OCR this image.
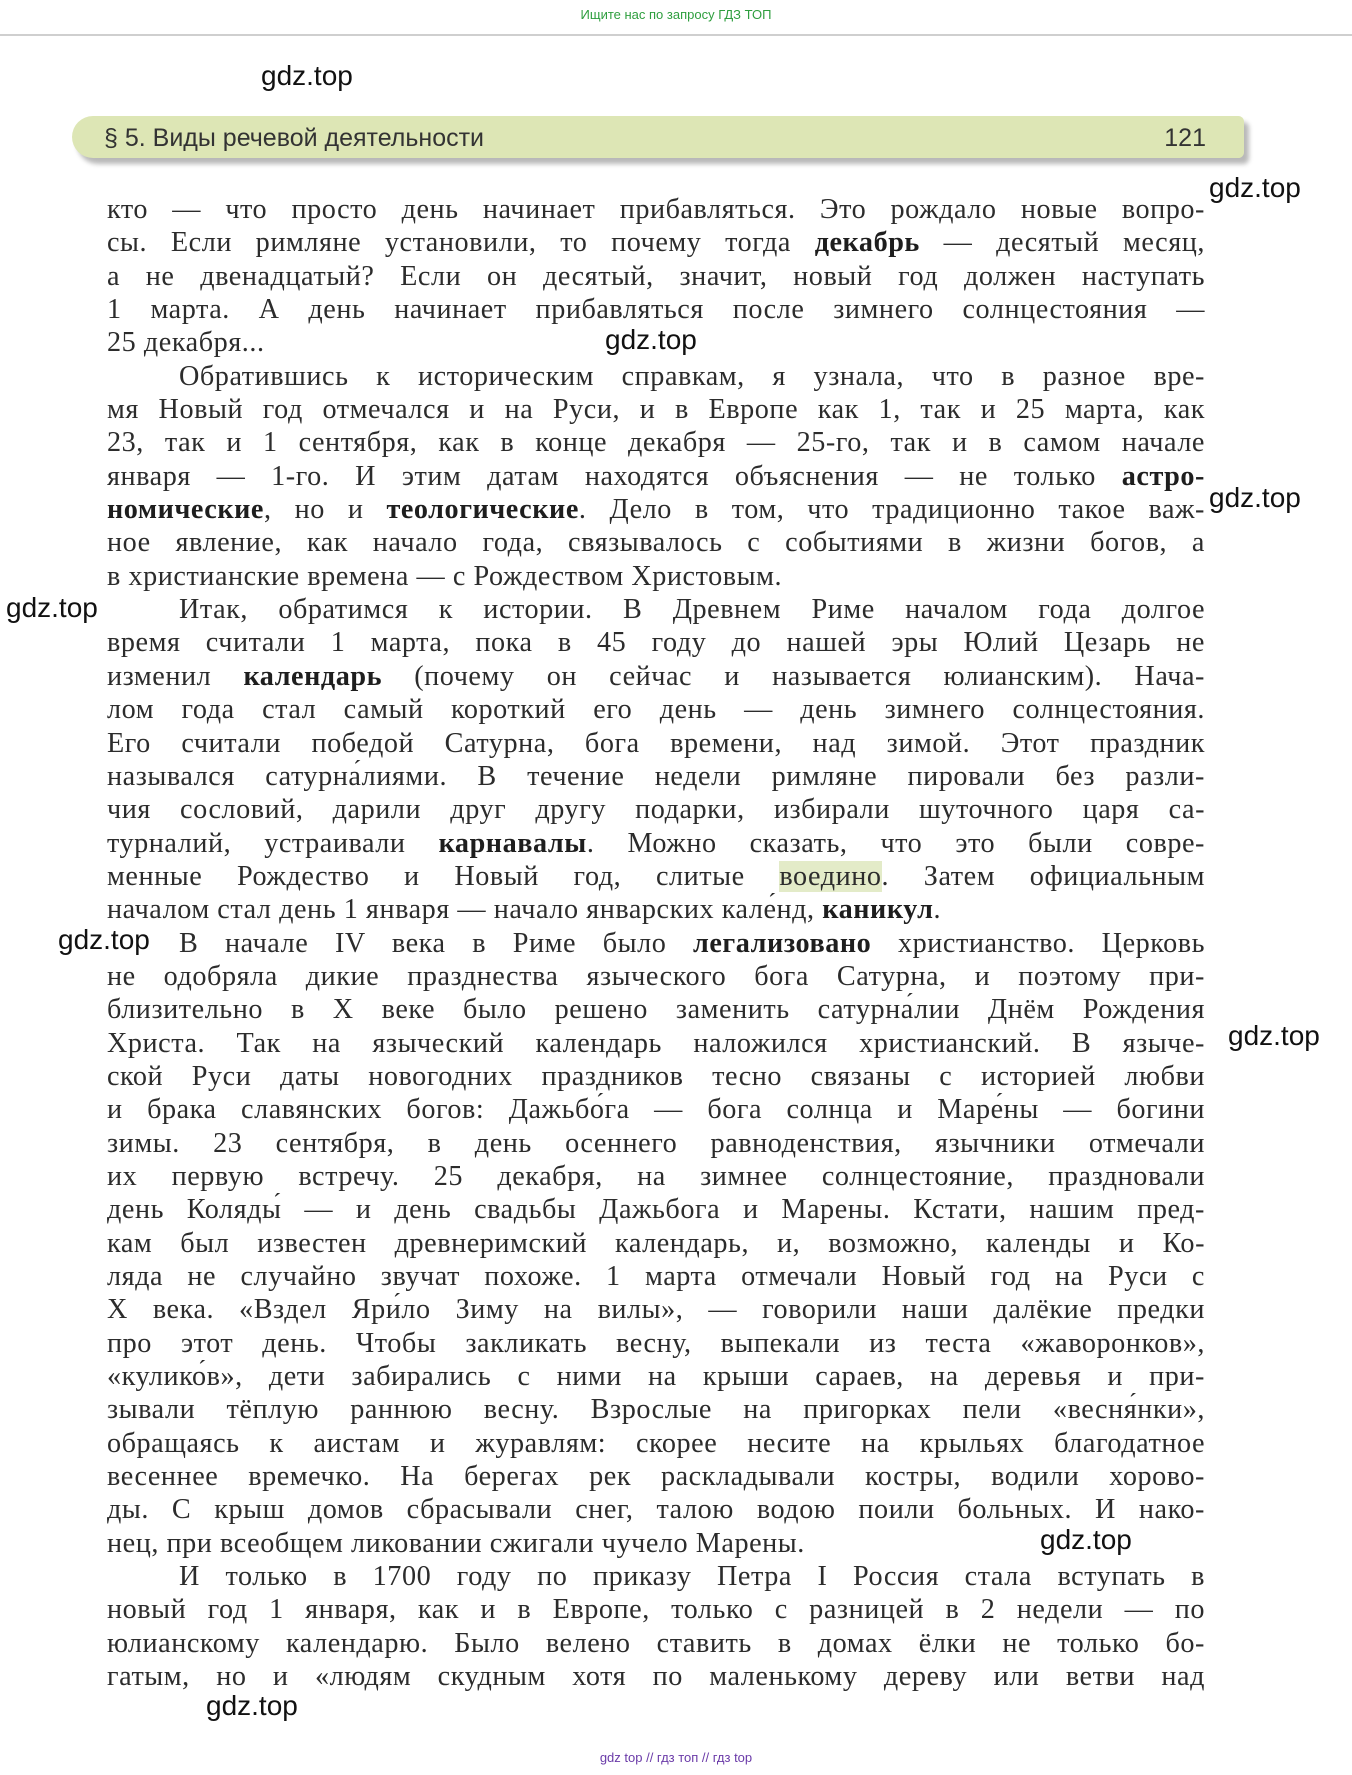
Ищите нас по запросу ГДЗ ТОП
§ 5. Виды речевой деятельности	121
кто — что просто день начинает прибавляться. Это рождало новые вопро-
сы. Если римляне установили, то почему тогда декабрь — десятый месяц,
а не двенадцатый? Если он десятый, значит, новый год должен наступать
1 марта. А день начинает прибавляться после зимнего солнцестояния —
25 декабря...
Обратившись к историческим справкам, я узнала, что в разное вре-
мя Новый год отмечался и на Руси, и в Европе как 1, так и 25 марта, как
23, так и 1 сентября, как в конце декабря — 25-го, так и в самом начале
января — 1-го. И этим датам находятся объяснения — не только астро-
номические, но и теологические. Дело в том, что традиционно такое важ-
ное явление, как начало года, связывалось с событиями в жизни богов, а
в христианские времена — с Рождеством Христовым.
Итак, обратимся к истории. В Древнем Риме началом года долгое
время считали 1 марта, пока в 45 году до нашей эры Юлий Цезарь не
изменил календарь (почему он сейчас и называется юлианским). Нача-
лом года стал самый короткий его день — день зимнего солнцестояния.
Его считали победой Сатурна, бога времени, над зимой. Этот праздник
назывался сатурна́лиями. В течение недели римляне пировали без разли-
чия сословий, дарили друг другу подарки, избирали шуточного царя са-
турналий, устраивали карнавалы. Можно сказать, что это были совре-
менные Рождество и Новый год, слитые воедино. Затем официальным
началом стал день 1 января — начало январских кале́нд, каникул.
В начале IV века в Риме было легализовано христианство. Церковь
не одобряла дикие празднества языческого бога Сатурна, и поэтому при-
близительно в X веке было решено заменить сатурна́лии Днём Рождения
Христа. Так на языческий календарь наложился христианский. В языче-
ской Руси даты новогодних праздников тесно связаны с историей любви
и брака славянских богов: Дажьбо́га — бога солнца и Маре́ны — богини
зимы. 23 сентября, в день осеннего равноденствия, язычники отмечали
их первую встречу. 25 декабря, на зимнее солнцестояние, праздновали
день Коляды́ — и день свадьбы Дажьбога и Марены. Кстати, нашим пред-
кам был известен древнеримский календарь, и, возможно, календы и Ко-
ляда не случайно звучат похоже. 1 марта отмечали Новый год на Руси с
X века. «Вздел Яри́ло Зиму на вилы», — говорили наши далёкие предки
про этот день. Чтобы закликать весну, выпекали из теста «жаворонков»,
«кулико́в», дети забирались с ними на крыши сараев, на деревья и при-
зывали тёплую раннюю весну. Взрослые на пригорках пели «весня́нки»,
обращаясь к аистам и журавлям: скорее несите на крыльях благодатное
весеннее времечко. На берегах рек раскладывали костры, водили хорово-
ды. С крыш домов сбрасывали снег, талою водою поили больных. И нако-
нец, при всеобщем ликовании сжигали чучело Марены.
И только в 1700 году по приказу Петра I Россия стала вступать в
новый год 1 января, как и в Европе, только с разницей в 2 недели — по
юлианскому календарю. Было велено ставить в домах ёлки не только бо-
гатым, но и «людям скудным хотя по маленькому дереву или ветви над
gdz.top
gdz.top
gdz.top
gdz.top
gdz.top
gdz.top
gdz.top
gdz.top
gdz.top
gdz top // гдз топ // гдз top
